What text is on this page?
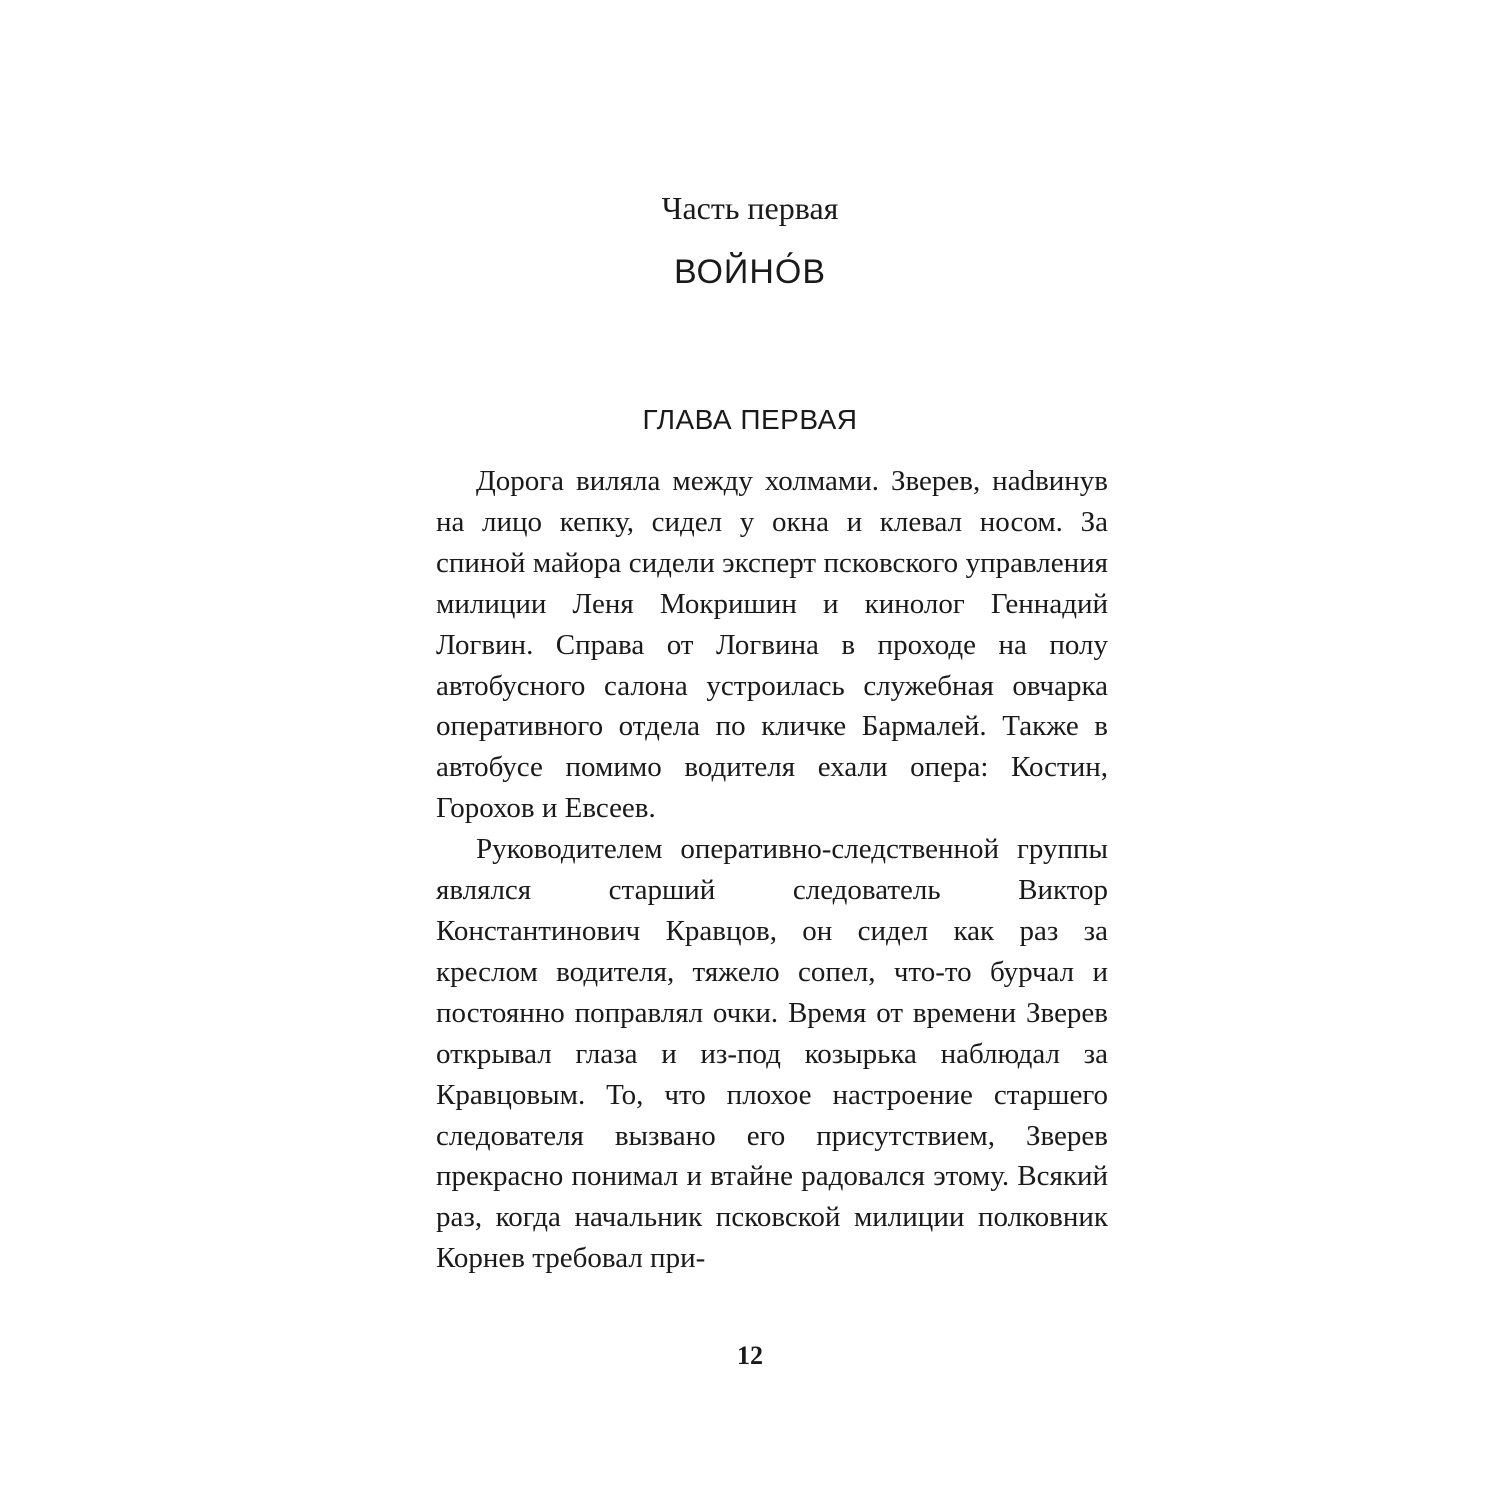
Часть первая
ВОЙНО́В
ГЛАВА ПЕРВАЯ

Дорога виляла между холмами. Зверев, наdвинув на лицо кепку, сидел у окна и клевал носом. За спиной майора сидели эксперт псковского управления милиции Леня Мокришин и кинолог Геннадий Логвин. Справа от Логвина в проходе на полу автобусного салона устроилась служебная овчарка оперативного отдела по кличке Бармалей. Также в автобусе помимо водителя ехали опера: Костин, Горохов и Евсеев.

Руководителем оперативно-следственной группы являлся старший следователь Виктор Константинович Кравцов, он сидел как раз за креслом водителя, тяжело сопел, что-то бурчал и постоянно поправлял очки. Время от времени Зверев открывал глаза и из-под козырька наблюдал за Кравцовым. То, что плохое настроение старшего следователя вызвано его присутствием, Зверев прекрасно понимал и втайне радовался этому. Всякий раз, когда начальник псковской милиции полковник Корнев требовал при-

12
